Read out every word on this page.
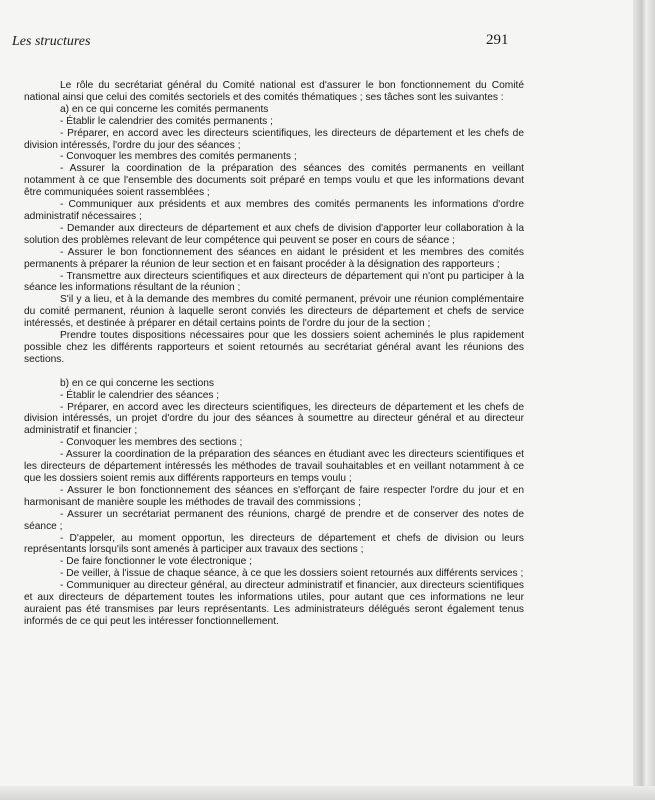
Les structures	291

Le rôle du secrétariat général du Comité national est d'assurer le bon fonctionnement du Comité national ainsi que celui des comités sectoriels et des comités thématiques ; ses tâches sont les suivantes :

a) en ce qui concerne les comités permanents

- Établir le calendrier des comités permanents ;

- Préparer, en accord avec les directeurs scientifiques, les directeurs de département et les chefs de division intéressés, l'ordre du jour des séances ;

- Convoquer les membres des comités permanents ;

- Assurer la coordination de la préparation des séances des comités permanents en veillant notamment à ce que l'ensemble des documents soit préparé en temps voulu et que les informations devant être communiquées soient rassemblées ;

- Communiquer aux présidents et aux membres des comités permanents les informations d'ordre administratif nécessaires ;

- Demander aux directeurs de département et aux chefs de division d'apporter leur collaboration à la solution des problèmes relevant de leur compétence qui peuvent se poser en cours de séance ;

- Assurer le bon fonctionnement des séances en aidant le président et les membres des comités permanents à préparer la réunion de leur section et en faisant procéder à la désignation des rapporteurs ;

- Transmettre aux directeurs scientifiques et aux directeurs de département qui n'ont pu participer à la séance les informations résultant de la réunion ;

S'il y a lieu, et à la demande des membres du comité permanent, prévoir une réunion complémentaire du comité permanent, réunion à laquelle seront conviés les directeurs de département et chefs de service intéressés, et destinée à préparer en détail certains points de l'ordre du jour de la section ;

Prendre toutes dispositions nécessaires pour que les dossiers soient acheminés le plus rapidement possible chez les différents rapporteurs et soient retournés au secrétariat général avant les réunions des sections.

b) en ce qui concerne les sections

- Établir le calendrier des séances ;

- Préparer, en accord avec les directeurs scientifiques, les directeurs de département et les chefs de division intéressés, un projet d'ordre du jour des séances à soumettre au directeur général et au directeur administratif et financier ;

- Convoquer les membres des sections ;

- Assurer la coordination de la préparation des séances en étudiant avec les directeurs scientifiques et les directeurs de département intéressés les méthodes de travail souhaitables et en veillant notamment à ce que les dossiers soient remis aux différents rapporteurs en temps voulu ;

- Assurer le bon fonctionnement des séances en s'efforçant de faire respecter l'ordre du jour et en harmonisant de manière souple les méthodes de travail des commissions ;

- Assurer un secrétariat permanent des réunions, chargé de prendre et de conserver des notes de séance ;

- D'appeler, au moment opportun, les directeurs de département et chefs de division ou leurs représentants lorsqu'ils sont amenés à participer aux travaux des sections ;

- De faire fonctionner le vote électronique ;

- De veiller, à l'issue de chaque séance, à ce que les dossiers soient retournés aux différents services ;

- Communiquer au directeur général, au directeur administratif et financier, aux directeurs scientifiques et aux directeurs de département toutes les informations utiles, pour autant que ces informations ne leur auraient pas été transmises par leurs représentants. Les administrateurs délégués seront également tenus informés de ce qui peut les intéresser fonctionnellement.
